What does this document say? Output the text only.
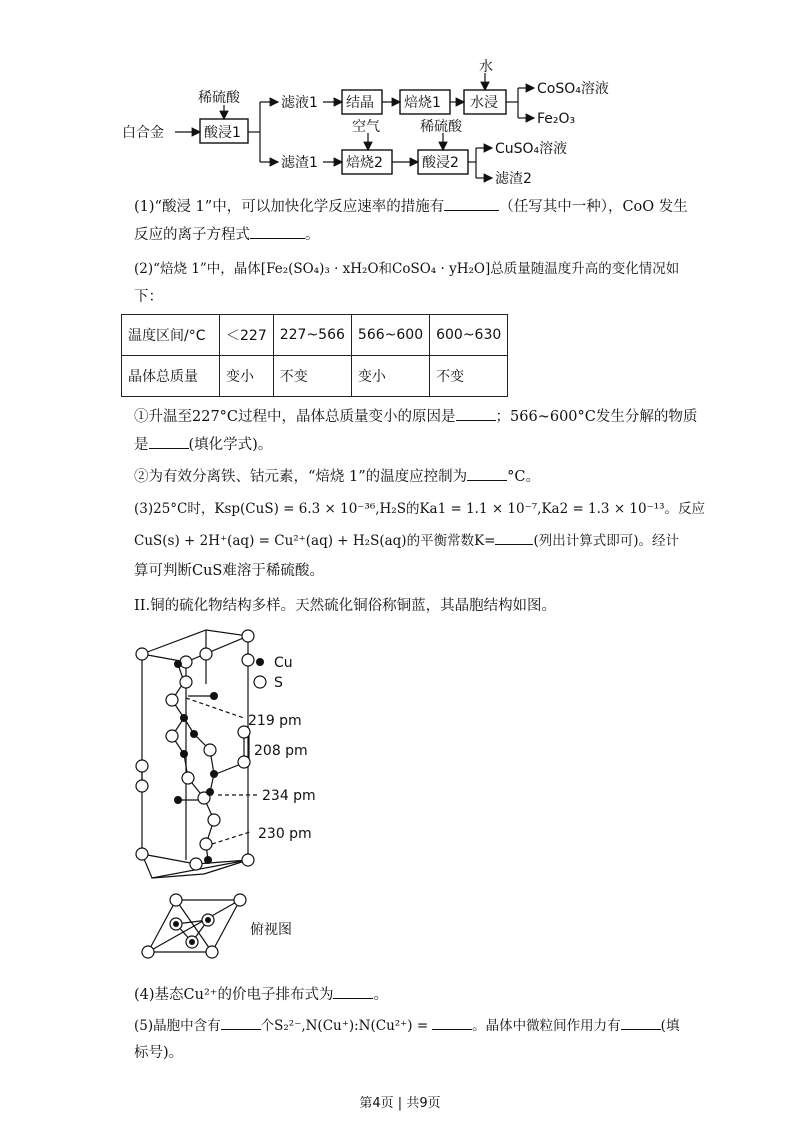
稀硫酸
白合金	酸浸1
滤液1 结晶 焙烧1
水
水浸
CoSO₄溶液
Fe₂O₃
滤渣1
空气
焙烧2
稀硫酸
酸浸2
CuSO₄溶液
滤渣2
(1)“酸浸 1”中，可以加快化学反应速率的措施有	（任写其中一种），CoO 发生
反应的离子方程式	。
(2)“焙烧 1”中，晶体[Fe₂(SO₄)₃ · xH₂O和CoSO₄ · yH₂O]总质量随温度升高的变化情况如
下：
温度区间/°C	＜227	227~566	566~600	600~630
晶体总质量	变小	不变	变小	不变
①升温至227°C过程中，晶体总质量变小的原因是	；566~600°C发生分解的物质
是	(填化学式)。
②为有效分离铁、钴元素，“焙烧 1”的温度应控制为	°C。
(3)25°C时，Ksp(CuS) = 6.3 × 10⁻³⁶,H₂S的Ka1 = 1.1 × 10⁻⁷,Ka2 = 1.3 × 10⁻¹³。反应
CuS(s) + 2H⁺(aq) = Cu²⁺(aq) + H₂S(aq)的平衡常数K=	(列出计算式即可)。经计
算可判断CuS难溶于稀硫酸。
II.铜的硫化物结构多样。天然硫化铜俗称铜蓝，其晶胞结构如图。
Cu
S
219 pm
208 pm
234 pm
230 pm
俯视图
(4)基态Cu²⁺的价电子排布式为	。
(5)晶胞中含有	个S₂²⁻,N(Cu⁺):N(Cu²⁺) =	。晶体中微粒间作用力有	(填
标号)。
第4页 | 共9页
